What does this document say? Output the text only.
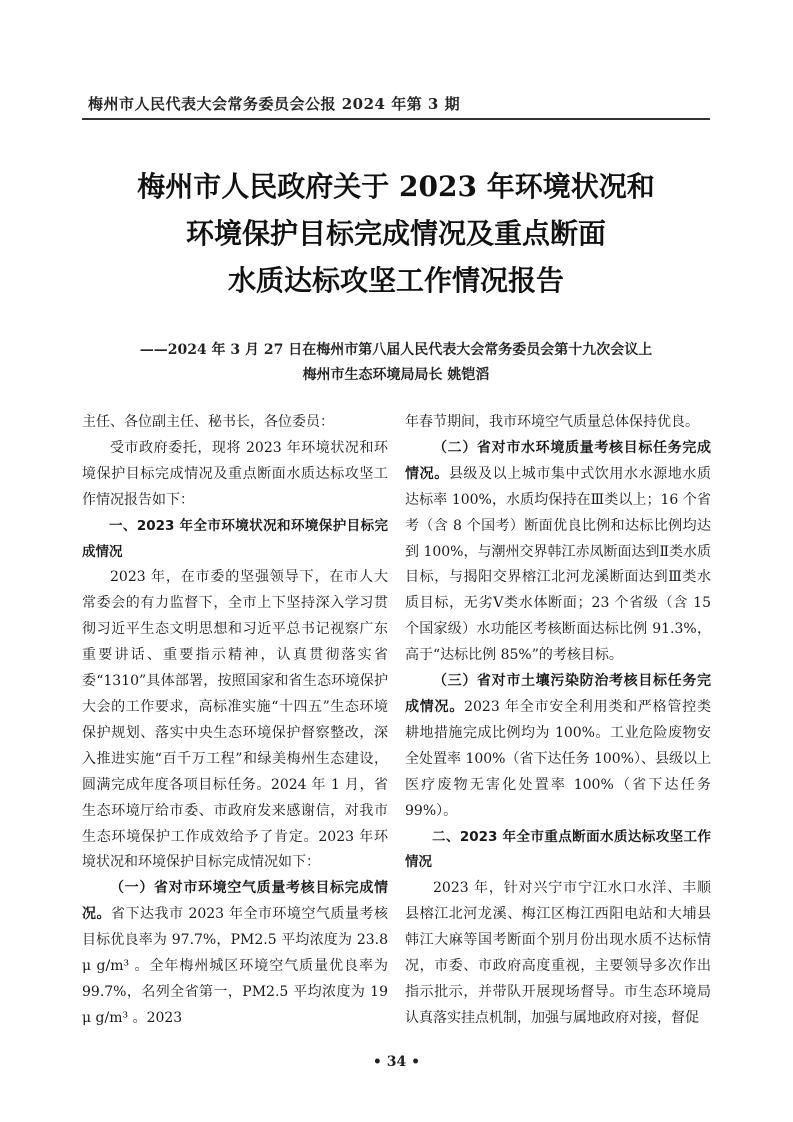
梅州市人民代表大会常务委员会公报 2024 年第 3 期
梅州市人民政府关于 2023 年环境状况和
环境保护目标完成情况及重点断面
水质达标攻坚工作情况报告
——2024 年 3 月 27 日在梅州市第八届人民代表大会常务委员会第十九次会议上
梅州市生态环境局局长 姚铠滔

主任、各位副主任、秘书长，各位委员：

受市政府委托，现将 2023 年环境状况和环境保护目标完成情况及重点断面水质达标攻坚工作情况报告如下：

一、2023 年全市环境状况和环境保护目标完成情况

2023 年，在市委的坚强领导下，在市人大常委会的有力监督下，全市上下坚持深入学习贯彻习近平生态文明思想和习近平总书记视察广东重要讲话、重要指示精神，认真贯彻落实省委“1310”具体部署，按照国家和省生态环境保护大会的工作要求，高标准实施“十四五”生态环境保护规划、落实中央生态环境保护督察整改，深入推进实施“百千万工程”和绿美梅州生态建设，圆满完成年度各项目标任务。2024 年 1 月，省生态环境厅给市委、市政府发来感谢信，对我市生态环境保护工作成效给予了肯定。2023 年环境状况和环境保护目标完成情况如下：

（一）省对市环境空气质量考核目标完成情况。省下达我市 2023 年全市环境空气质量考核目标优良率为 97.7%，PM2.5 平均浓度为 23.8 μ g/m³ 。全年梅州城区环境空气质量优良率为 99.7%，名列全省第一，PM2.5 平均浓度为 19 μ g/m³ 。2023

年春节期间，我市环境空气质量总体保持优良。

（二）省对市水环境质量考核目标任务完成情况。县级及以上城市集中式饮用水水源地水质达标率 100%，水质均保持在Ⅲ类以上；16 个省考（含 8 个国考）断面优良比例和达标比例均达到 100%，与潮州交界韩江赤凤断面达到Ⅱ类水质目标，与揭阳交界榕江北河龙溪断面达到Ⅲ类水质目标，无劣Ⅴ类水体断面；23 个省级（含 15 个国家级）水功能区考核断面达标比例 91.3%，高于“达标比例 85%”的考核目标。

（三）省对市土壤污染防治考核目标任务完成情况。2023 年全市安全利用类和严格管控类耕地措施完成比例均为 100%。工业危险废物安全处置率 100%（省下达任务 100%）、县级以上医疗废物无害化处置率 100%（省下达任务 99%）。

二、2023 年全市重点断面水质达标攻坚工作情况

2023 年，针对兴宁市宁江水口水洋、丰顺县榕江北河龙溪、梅江区梅江西阳电站和大埔县韩江大麻等国考断面个别月份出现水质不达标情况，市委、市政府高度重视，主要领导多次作出指示批示，并带队开展现场督导。市生态环境局认真落实挂点机制，加强与属地政府对接，督促

• 34 •
